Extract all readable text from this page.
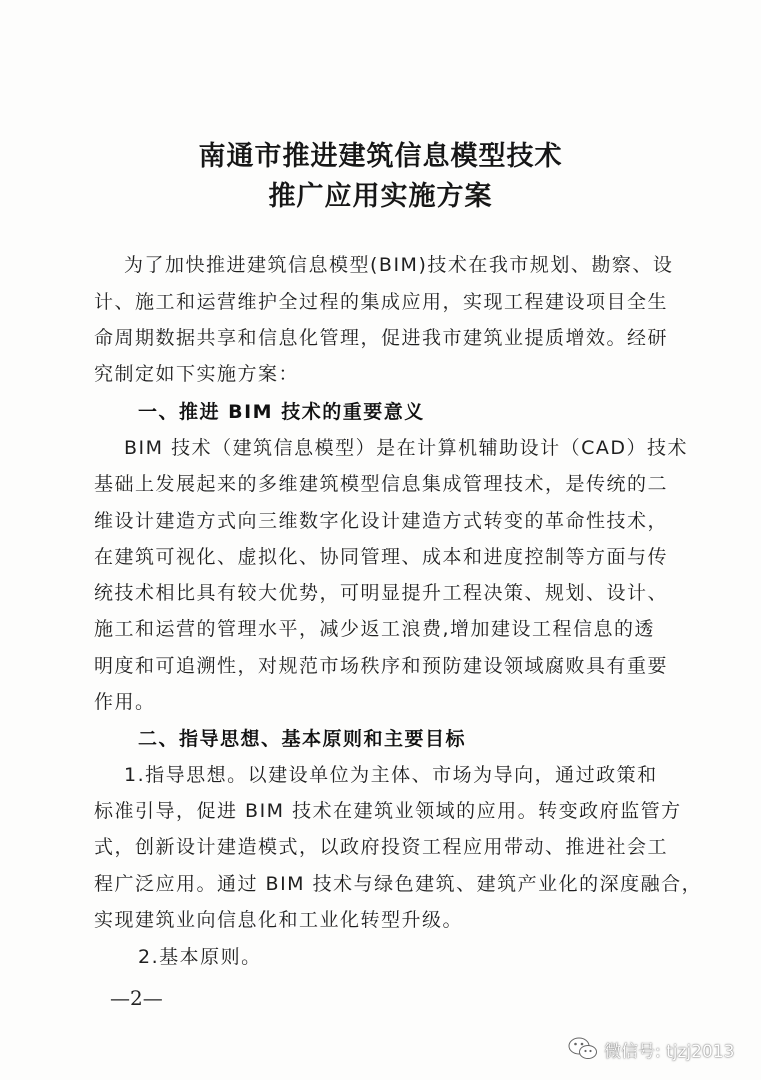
南通市推进建筑信息模型技术
推广应用实施方案
为了加快推进建筑信息模型(BIM)技术在我市规划、勘察、设
计、施工和运营维护全过程的集成应用，实现工程建设项目全生
命周期数据共享和信息化管理，促进我市建筑业提质增效。经研
究制定如下实施方案：
一、推进 BIM 技术的重要意义
BIM 技术（建筑信息模型）是在计算机辅助设计（CAD）技术
基础上发展起来的多维建筑模型信息集成管理技术，是传统的二
维设计建造方式向三维数字化设计建造方式转变的革命性技术，
在建筑可视化、虚拟化、协同管理、成本和进度控制等方面与传
统技术相比具有较大优势，可明显提升工程决策、规划、设计、
施工和运营的管理水平，减少返工浪费,增加建设工程信息的透
明度和可追溯性，对规范市场秩序和预防建设领域腐败具有重要
作用。
二、指导思想、基本原则和主要目标
1.指导思想。以建设单位为主体、市场为导向，通过政策和
标准引导，促进 BIM 技术在建筑业领域的应用。转变政府监管方
式，创新设计建造模式，以政府投资工程应用带动、推进社会工
程广泛应用。通过 BIM 技术与绿色建筑、建筑产业化的深度融合，
实现建筑业向信息化和工业化转型升级。
2.基本原则。
—2—
微信号: tjzj2013
